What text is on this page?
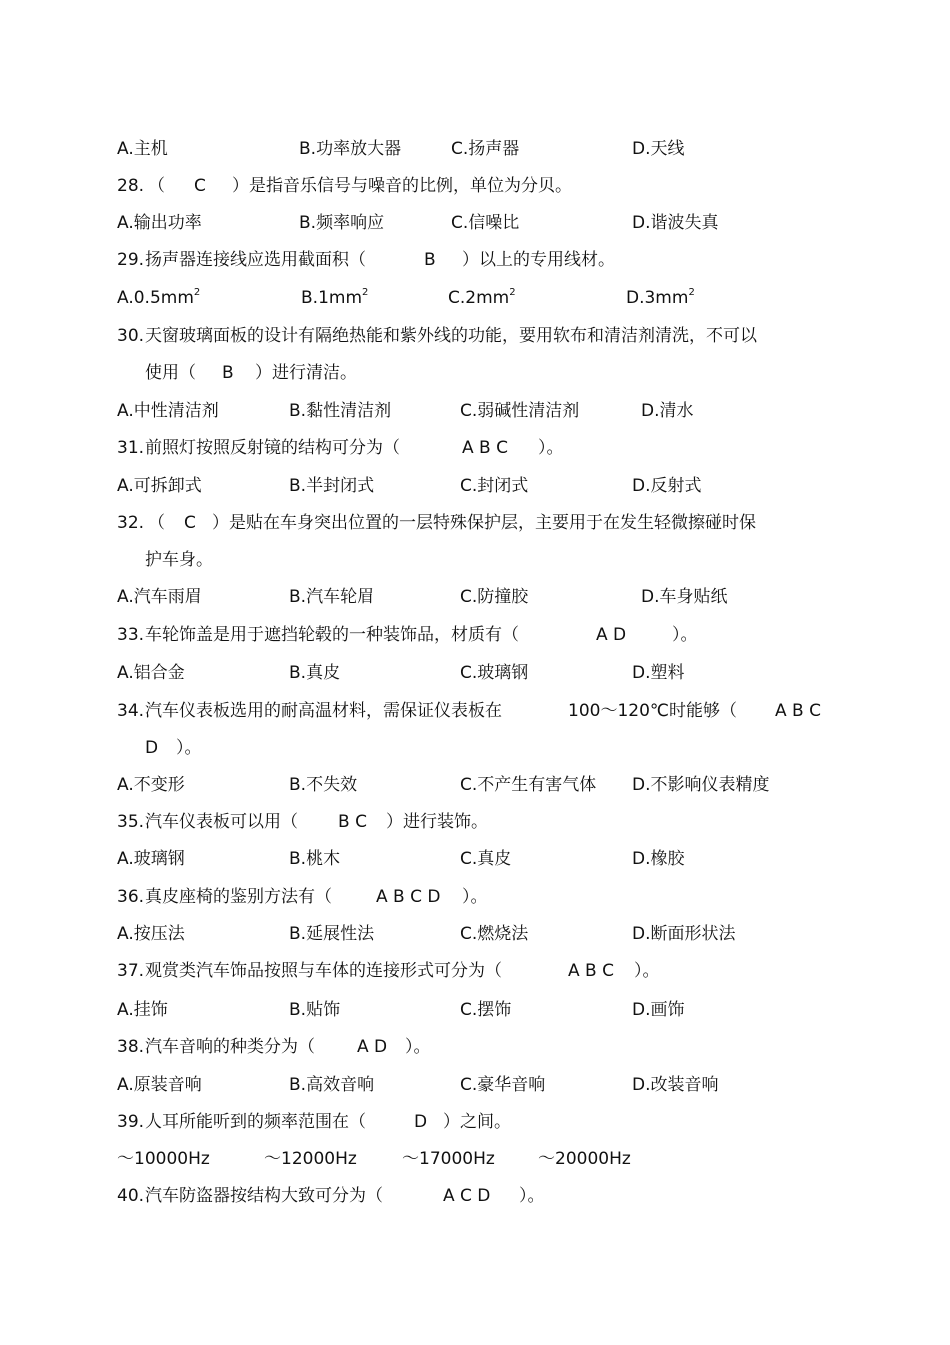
A.主机	B.功率放大器	C.扬声器	D.天线
28. （ C ）是指音乐信号与噪音的比例，单位为分贝。
A.输出功率	B.频率响应	C.信噪比	D.谐波失真
29. 扬声器连接线应选用截面积（	B ）以上的专用线材。
$A.0.5mm^2$	$B.1mm^2$	$C.2mm^2$	$D.3mm^2$
30. 天窗玻璃面板的设计有隔绝热能和紫外线的功能，要用软布和清洁剂清洗，不可以
使用（ B ）进行清洁。
A.中性清洁剂	B.黏性清洁剂	C.弱碱性清洁剂	D.清水
31. 前照灯按照反射镜的结构可分为（	A B C ）。
A.可拆卸式	B.半封闭式	C.封闭式	D.反射式
32. （ C ）是贴在车身突出位置的一层特殊保护层，主要用于在发生轻微擦碰时保
护车身。
A.汽车雨眉	B.汽车轮眉	C.防撞胶	D.车身贴纸
33. 车轮饰盖是用于遮挡轮毂的一种装饰品，材质有（	A D	）。
A.铝合金	B.真皮	C.玻璃钢	D.塑料
34. 汽车仪表板选用的耐高温材料，需保证仪表板在	100～120℃时能够（ A B C
D ）。
A.不变形	B.不失效	C.不产生有害气体 D.不影响仪表精度
35. 汽车仪表板可以用（ B C ）进行装饰。
A.玻璃钢	B.桃木	C.真皮	D.橡胶
36. 真皮座椅的鉴别方法有（	A B C D ）。
A.按压法	B.延展性法	C.燃烧法	D.断面形状法
37. 观赏类汽车饰品按照与车体的连接形式可分为（	A B C ）。
A.挂饰	B.贴饰	C.摆饰	D.画饰
38. 汽车音响的种类分为（ A D ）。
A.原装音响	B.高效音响	C.豪华音响	D.改装音响
39. 人耳所能听到的频率范围在（	D ）之间。
～10000Hz	～12000Hz	～17000Hz	～20000Hz
40. 汽车防盗器按结构大致可分为（	A C D ）。
